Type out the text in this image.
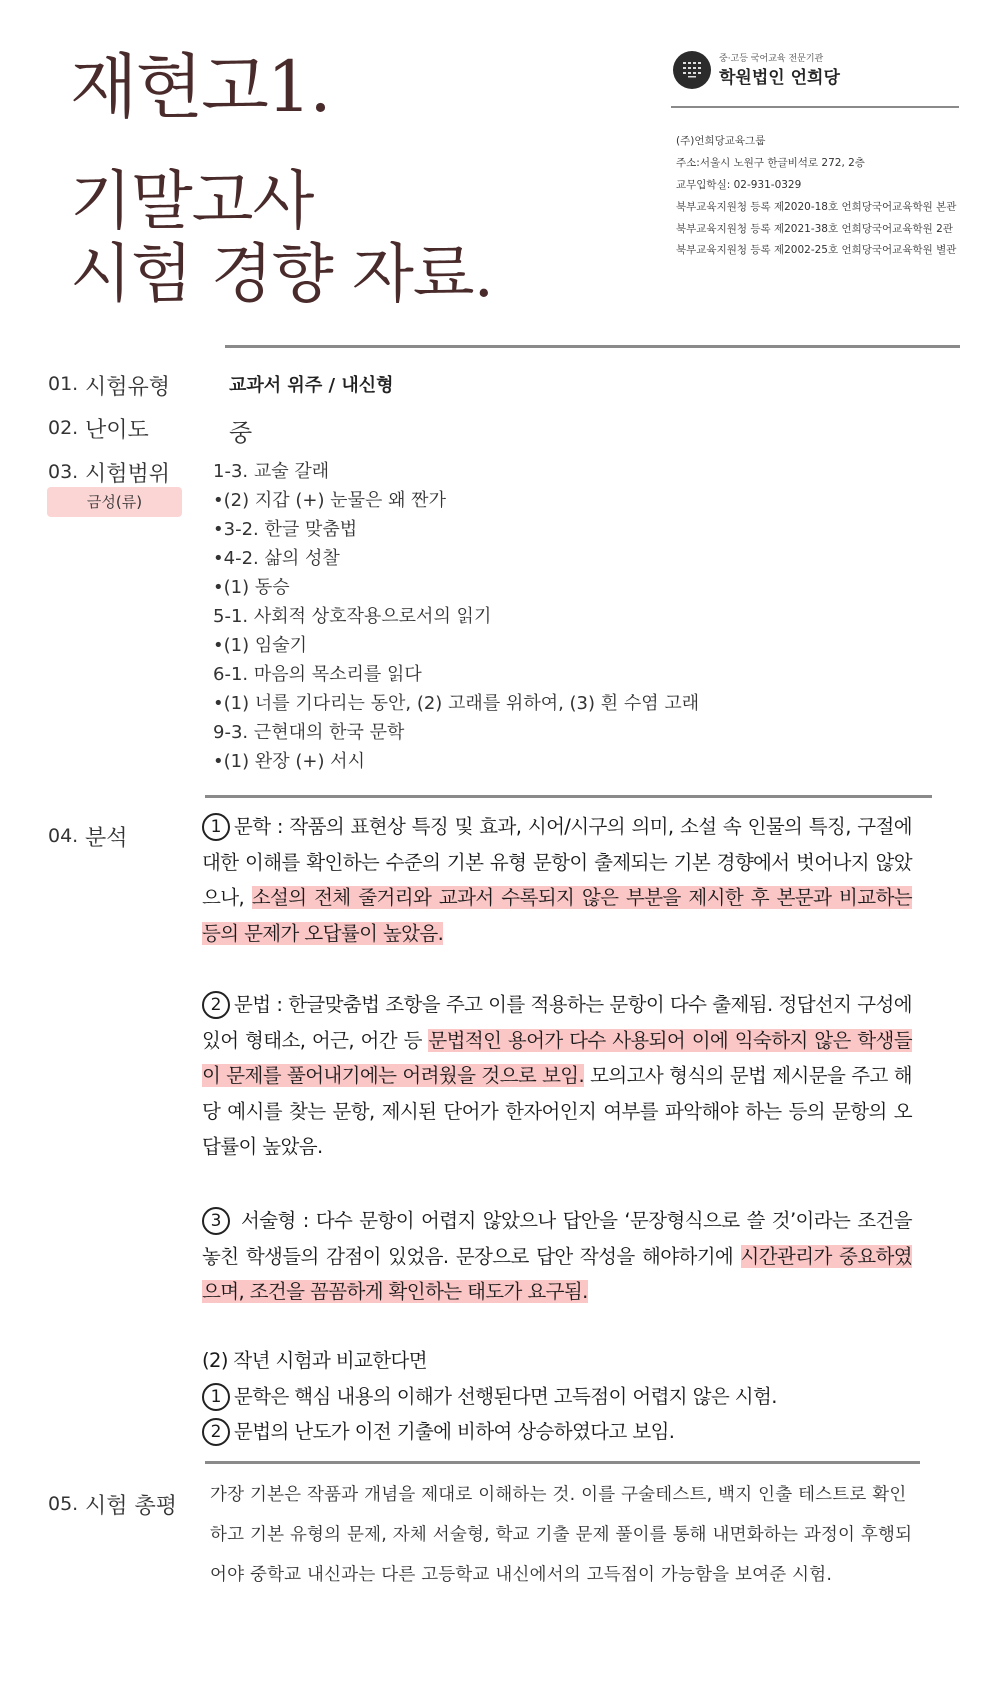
재현고1.
기말고사
시험 경향 자료.
중·고등 국어교육 전문기관
학원법인 언희당
(주)언희당교육그룹
주소:서울시 노원구 한글비석로 272, 2층
교무입학실: 02-931-0329
북부교육지원청 등록 제2020-18호 언희당국어교육학원 본관
북부교육지원청 등록 제2021-38호 언희당국어교육학원 2관
북부교육지원청 등록 제2002-25호 언희당국어교육학원 별관
01. 시험유형	교과서 위주 / 내신형
02. 난이도	중
03. 시험범위
금성(류)
1-3. 교술 갈래
•(2) 지갑 (+) 눈물은 왜 짠가
•3-2. 한글 맞춤법
•4-2. 삶의 성찰
•(1) 동승
5-1. 사회적 상호작용으로서의 읽기
•(1) 임술기
6-1. 마음의 목소리를 읽다
•(1) 너를 기다리는 동안, (2) 고래를 위하여, (3) 흰 수염 고래
9-3. 근현대의 한국 문학
•(1) 완장 (+) 서시
04. 분석	1 문학 : 작품의 표현상 특징 및 효과, 시어/시구의 의미, 소설 속 인물의 특징, 구절에 대한 이해를 확인하는 수준의 기본 유형 문항이 출제되는 기본 경향에서 벗어나지 않았으나, 소설의 전체 줄거리와 교과서 수록되지 않은 부분을 제시한 후 본문과 비교하는 등의 문제가 오답률이 높았음.
2 문법 : 한글맞춤법 조항을 주고 이를 적용하는 문항이 다수 출제됨. 정답선지 구성에 있어 형태소, 어근, 어간 등 문법적인 용어가 다수 사용되어 이에 익숙하지 않은 학생들이 문제를 풀어내기에는 어려웠을 것으로 보임. 모의고사 형식의 문법 제시문을 주고 해당 예시를 찾는 문항, 제시된 단어가 한자어인지 여부를 파악해야 하는 등의 문항의 오답률이 높았음.
3 서술형 : 다수 문항이 어렵지 않았으나 답안을 ‘문장형식으로 쓸 것’이라는 조건을 놓친 학생들의 감점이 있었음. 문장으로 답안 작성을 해야하기에 시간관리가 중요하였으며, 조건을 꼼꼼하게 확인하는 태도가 요구됨.
(2) 작년 시험과 비교한다면
1 문학은 핵심 내용의 이해가 선행된다면 고득점이 어렵지 않은 시험.
2 문법의 난도가 이전 기출에 비하여 상승하였다고 보임.
05. 시험 총평 가장 기본은 작품과 개념을 제대로 이해하는 것. 이를 구술테스트, 백지 인출 테스트로 확인하고 기본 유형의 문제, 자체 서술형, 학교 기출 문제 풀이를 통해 내면화하는 과정이 후행되어야 중학교 내신과는 다른 고등학교 내신에서의 고득점이 가능함을 보여준 시험.
